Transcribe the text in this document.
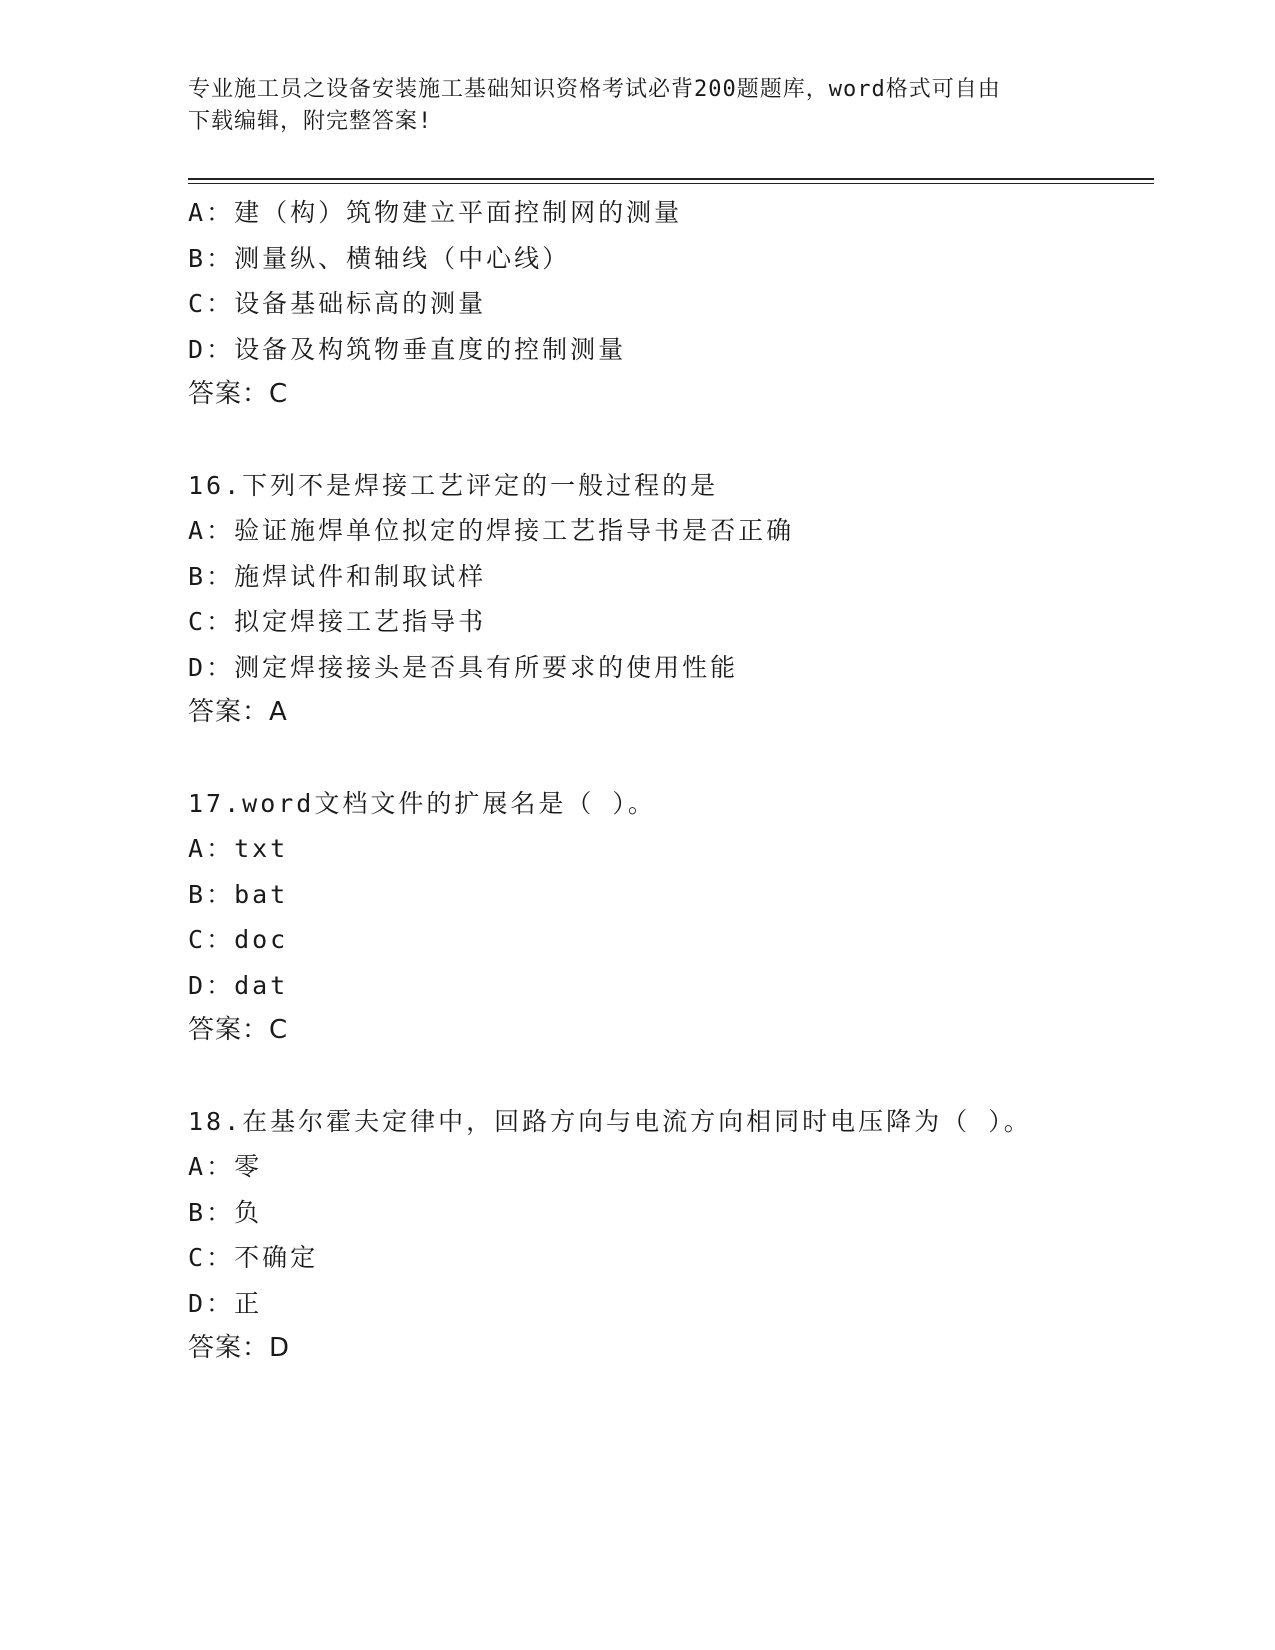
专业施工员之设备安装施工基础知识资格考试必背200题题库，word格式可自由
下载编辑，附完整答案!
A：建（构）筑物建立平面控制网的测量
B：测量纵、横轴线（中心线）
C：设备基础标高的测量
D：设备及构筑物垂直度的控制测量
答案：C
16.下列不是焊接工艺评定的一般过程的是
A：验证施焊单位拟定的焊接工艺指导书是否正确
B：施焊试件和制取试样
C：拟定焊接工艺指导书
D：测定焊接接头是否具有所要求的使用性能
答案：A
17.word文档文件的扩展名是（ ）。
A：txt
B：bat
C：doc
D：dat
答案：C
18.在基尔霍夫定律中，回路方向与电流方向相同时电压降为（ ）。
A：零
B：负
C：不确定
D：正
答案：D
